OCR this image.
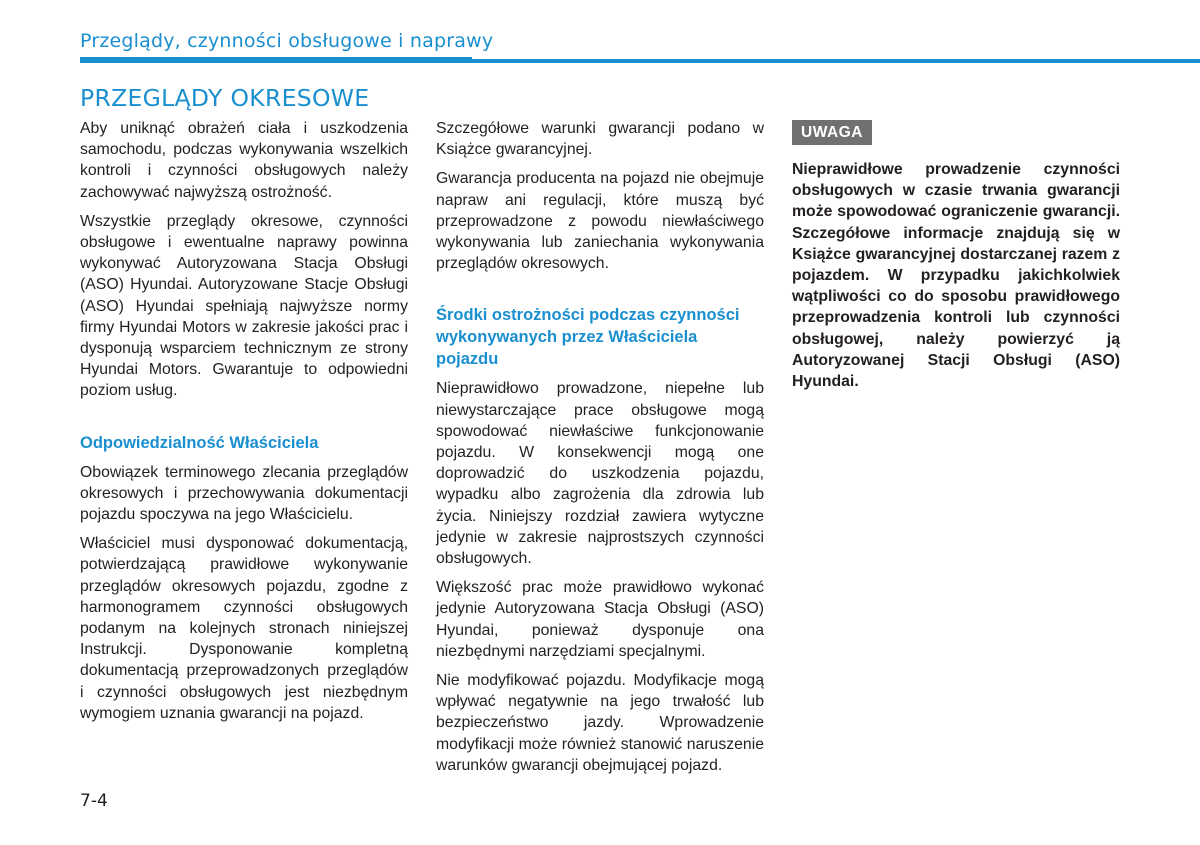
Przeglądy, czynności obsługowe i naprawy
PRZEGLĄDY OKRESOWE

Aby uniknąć obrażeń ciała i uszkodzenia samochodu, podczas wykonywania wszelkich kontroli i czynności obsługowych należy zachowywać najwyższą ostrożność.

Wszystkie przeglądy okresowe, czynności obsługowe i ewentualne naprawy powinna wykonywać Autoryzowana Stacja Obsługi (ASO) Hyundai. Autoryzowane Stacje Obsługi (ASO) Hyundai spełniają najwyższe normy firmy Hyundai Motors w zakresie jakości prac i dysponują wsparciem technicznym ze strony Hyundai Motors. Gwarantuje to odpowiedni poziom usług.

Odpowiedzialność Właściciela

Obowiązek terminowego zlecania przeglądów okresowych i przechowywania dokumentacji pojazdu spoczywa na jego Właścicielu.

Właściciel musi dysponować dokumentacją, potwierdzającą prawidłowe wykonywanie przeglądów okresowych pojazdu, zgodne z harmonogramem czynności obsługowych podanym na kolejnych stronach niniejszej Instrukcji. Dysponowanie kompletną dokumentacją przeprowadzonych przeglądów i czynności obsługowych jest niezbędnym wymogiem uznania gwarancji na pojazd.

Szczegółowe warunki gwarancji podano w Książce gwarancyjnej.

Gwarancja producenta na pojazd nie obejmuje napraw ani regulacji, które muszą być przeprowadzone z powodu niewłaściwego wykonywania lub zaniechania wykonywania przeglądów okresowych.

Środki ostrożności podczas czynności wykonywanych przez Właściciela pojazdu

Nieprawidłowo prowadzone, niepełne lub niewystarczające prace obsługowe mogą spowodować niewłaściwe funkcjonowanie pojazdu. W konsekwencji mogą one doprowadzić do uszkodzenia pojazdu, wypadku albo zagrożenia dla zdrowia lub życia. Niniejszy rozdział zawiera wytyczne jedynie w zakresie najprostszych czynności obsługowych.

Większość prac może prawidłowo wykonać jedynie Autoryzowana Stacja Obsługi (ASO) Hyundai, ponieważ dysponuje ona niezbędnymi narzędziami specjalnymi.

Nie modyfikować pojazdu. Modyfikacje mogą wpływać negatywnie na jego trwałość lub bezpieczeństwo jazdy. Wprowadzenie modyfikacji może również stanowić naruszenie warunków gwarancji obejmującej pojazd.

UWAGA
Nieprawidłowe prowadzenie czynności obsługowych w czasie trwania gwarancji może spowodować ograniczenie gwarancji. Szczegółowe informacje znajdują się w Książce gwarancyjnej dostarczanej razem z pojazdem. W przypadku jakichkolwiek wątpliwości co do sposobu prawidłowego przeprowadzenia kontroli lub czynności obsługowej, należy powierzyć ją Autoryzowanej Stacji Obsługi (ASO) Hyundai.
7-4
